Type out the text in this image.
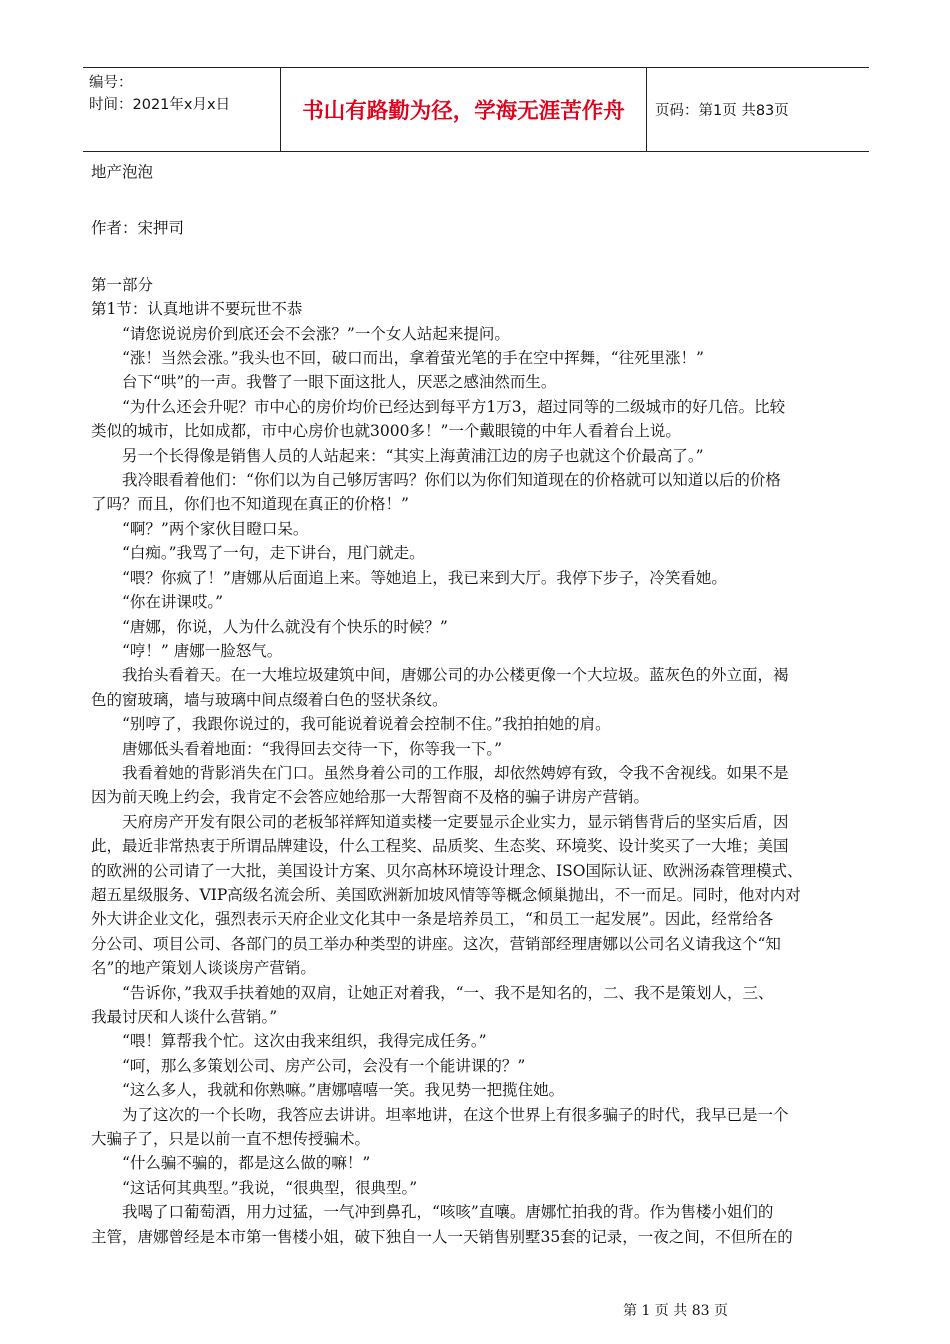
编号：
时间：2021年x月x日	书山有路勤为径，学海无涯苦作舟	页码：第1页 共83页
地产泡泡
作者：宋押司
第一部分
第1节：认真地讲不要玩世不恭
“请您说说房价到底还会不会涨？”一个女人站起来提问。
“涨！当然会涨。”我头也不回，破口而出，拿着萤光笔的手在空中挥舞，“往死里涨！”
台下“哄”的一声。我瞥了一眼下面这批人，厌恶之感油然而生。
“为什么还会升呢？市中心的房价均价已经达到每平方1万3，超过同等的二级城市的好几倍。比较
类似的城市，比如成都，市中心房价也就3000多！”一个戴眼镜的中年人看着台上说。
另一个长得像是销售人员的人站起来：“其实上海黄浦江边的房子也就这个价最高了。”
我冷眼看着他们：“你们以为自己够厉害吗？你们以为你们知道现在的价格就可以知道以后的价格
了吗？而且，你们也不知道现在真正的价格！”
“啊？”两个家伙目瞪口呆。
“白痴。”我骂了一句，走下讲台，甩门就走。
“喂？你疯了！”唐娜从后面追上来。等她追上，我已来到大厅。我停下步子，冷笑看她。
“你在讲课哎。”
“唐娜，你说，人为什么就没有个快乐的时候？”
“哼！” 唐娜一脸怒气。
我抬头看着天。在一大堆垃圾建筑中间，唐娜公司的办公楼更像一个大垃圾。蓝灰色的外立面，褐
色的窗玻璃，墙与玻璃中间点缀着白色的竖状条纹。
“别哼了，我跟你说过的，我可能说着说着会控制不住。”我拍拍她的肩。
唐娜低头看着地面：“我得回去交待一下，你等我一下。”
我看着她的背影消失在门口。虽然身着公司的工作服，却依然娉婷有致，令我不舍视线。如果不是
因为前天晚上约会，我肯定不会答应她给那一大帮智商不及格的骗子讲房产营销。
天府房产开发有限公司的老板邹祥辉知道卖楼一定要显示企业实力，显示销售背后的坚实后盾，因
此，最近非常热衷于所谓品牌建设，什么工程奖、品质奖、生态奖、环境奖、设计奖买了一大堆；美国
的欧洲的公司请了一大批，美国设计方案、贝尔高林环境设计理念、ISO国际认证、欧洲汤森管理模式、
超五星级服务、VIP高级名流会所、美国欧洲新加坡风情等等概念倾巢抛出，不一而足。同时，他对内对
外大讲企业文化，强烈表示天府企业文化其中一条是培养员工，“和员工一起发展”。因此，经常给各
分公司、项目公司、各部门的员工举办种类型的讲座。这次，营销部经理唐娜以公司名义请我这个“知
名”的地产策划人谈谈房产营销。
“告诉你，”我双手扶着她的双肩，让她正对着我，“一、我不是知名的，二、我不是策划人，三、
我最讨厌和人谈什么营销。”
“喂！算帮我个忙。这次由我来组织，我得完成任务。”
“呵，那么多策划公司、房产公司，会没有一个能讲课的？”
“这么多人，我就和你熟嘛。”唐娜嘻嘻一笑。我见势一把揽住她。
为了这次的一个长吻，我答应去讲讲。坦率地讲，在这个世界上有很多骗子的时代，我早已是一个
大骗子了，只是以前一直不想传授骗术。
“什么骗不骗的，都是这么做的嘛！”
“这话何其典型。”我说，“很典型，很典型。”
我喝了口葡萄酒，用力过猛，一气冲到鼻孔，“咳咳”直嚷。唐娜忙拍我的背。作为售楼小姐们的
主管，唐娜曾经是本市第一售楼小姐，破下独自一人一天销售别墅35套的记录，一夜之间，不但所在的
第 1 页 共 83 页
